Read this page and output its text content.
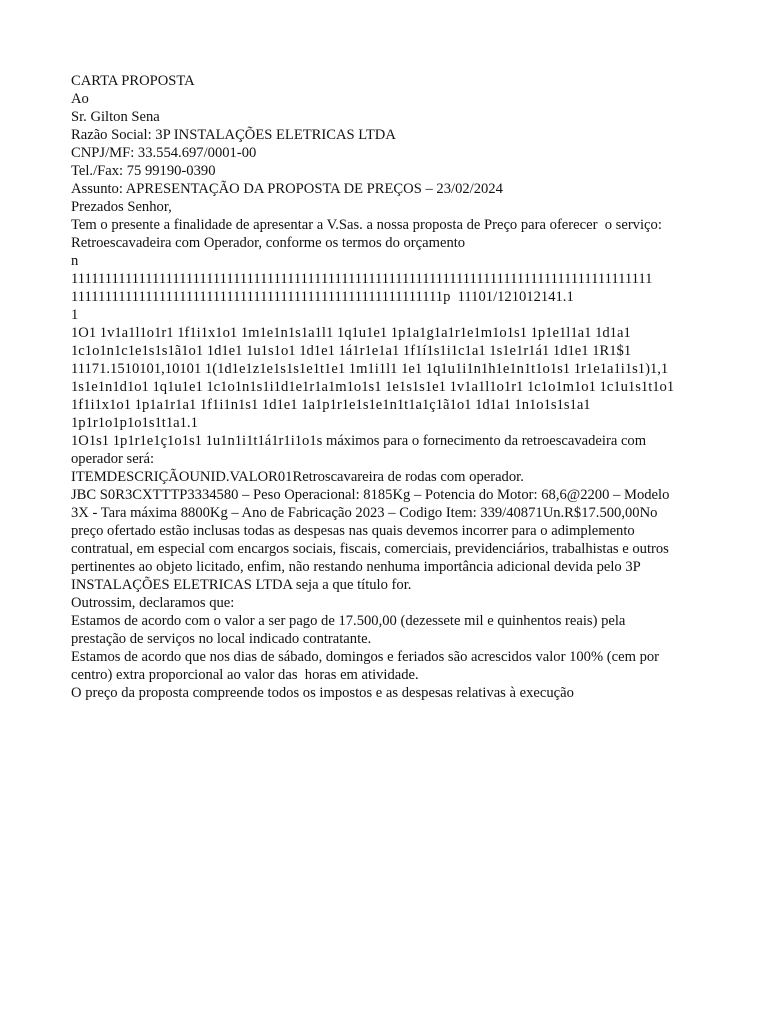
CARTA PROPOSTA
Ao
Sr. Gilton Sena
Razão Social: 3P INSTALAÇÕES ELETRICAS LTDA
CNPJ/MF: 33.554.697/0001-00
Tel./Fax: 75 99190-0390
Assunto: APRESENTAÇÃO DA PROPOSTA DE PREÇOS – 23/02/2024
Prezados Senhor,
Tem o presente a finalidade de apresentar a V.Sas. a nossa proposta de Preço para oferecer  o serviço:
Retroescavadeira com Operador, conforme os termos do orçamento
n
11111111111111111111111111111111111111111111111111111111111111111111111111111111111111
1111111111111111111111111111111111111111111111111111111p  11101/121012141.1
1
1O1 1v1a1l1o1r1 1f1i1x1o1 1m1e1n1s1a1l1 1q1u1e1 1p1a1g1a1r1e1m1o1s1 1p1e1l1a1 1d1a1
1c1o1n1c1e1s1s1ã1o1 1d1e1 1u1s1o1 1d1e1 1á1r1e1a1 1f1í1s1i1c1a1 1s1e1r1á1 1d1e1 1R1$1
11171.1510101,10101 1(1d1e1z1e1s1s1e1t1e1 1m1i1l1 1e1 1q1u1i1n1h1e1n1t1o1s1 1r1e1a1i1s1)1,1
1s1e1n1d1o1 1q1u1e1 1c1o1n1s1i1d1e1r1a1m1o1s1 1e1s1s1e1 1v1a1l1o1r1 1c1o1m1o1 1c1u1s1t1o1
1f1i1x1o1 1p1a1r1a1 1f1i1n1s1 1d1e1 1a1p1r1e1s1e1n1t1a1ç1ã1o1 1d1a1 1n1o1s1s1a1
1p1r1o1p1o1s1t1a1.1
1O1s1 1p1r1e1ç1o1s1 1u1n1i1t1á1r1i1o1s máximos para o fornecimento da retroescavadeira com
operador será:
ITEMDESCRIÇÃOUNID.VALOR01Retroscavareira de rodas com operador.
JBC S0R3CXTTTP3334580 – Peso Operacional: 8185Kg – Potencia do Motor: 68,6@2200 – Modelo
3X - Tara máxima 8800Kg – Ano de Fabricação 2023 – Codigo Item: 339/40871Un.R$17.500,00No
preço ofertado estão inclusas todas as despesas nas quais devemos incorrer para o adimplemento
contratual, em especial com encargos sociais, fiscais, comerciais, previdenciários, trabalhistas e outros
pertinentes ao objeto licitado, enfim, não restando nenhuma importância adicional devida pelo 3P
INSTALAÇÕES ELETRICAS LTDA seja a que título for.
Outrossim, declaramos que:
Estamos de acordo com o valor a ser pago de 17.500,00 (dezessete mil e quinhentos reais) pela
prestação de serviços no local indicado contratante.
Estamos de acordo que nos dias de sábado, domingos e feriados são acrescidos valor 100% (cem por
centro) extra proporcional ao valor das  horas em atividade.
O preço da proposta compreende todos os impostos e as despesas relativas à execução
